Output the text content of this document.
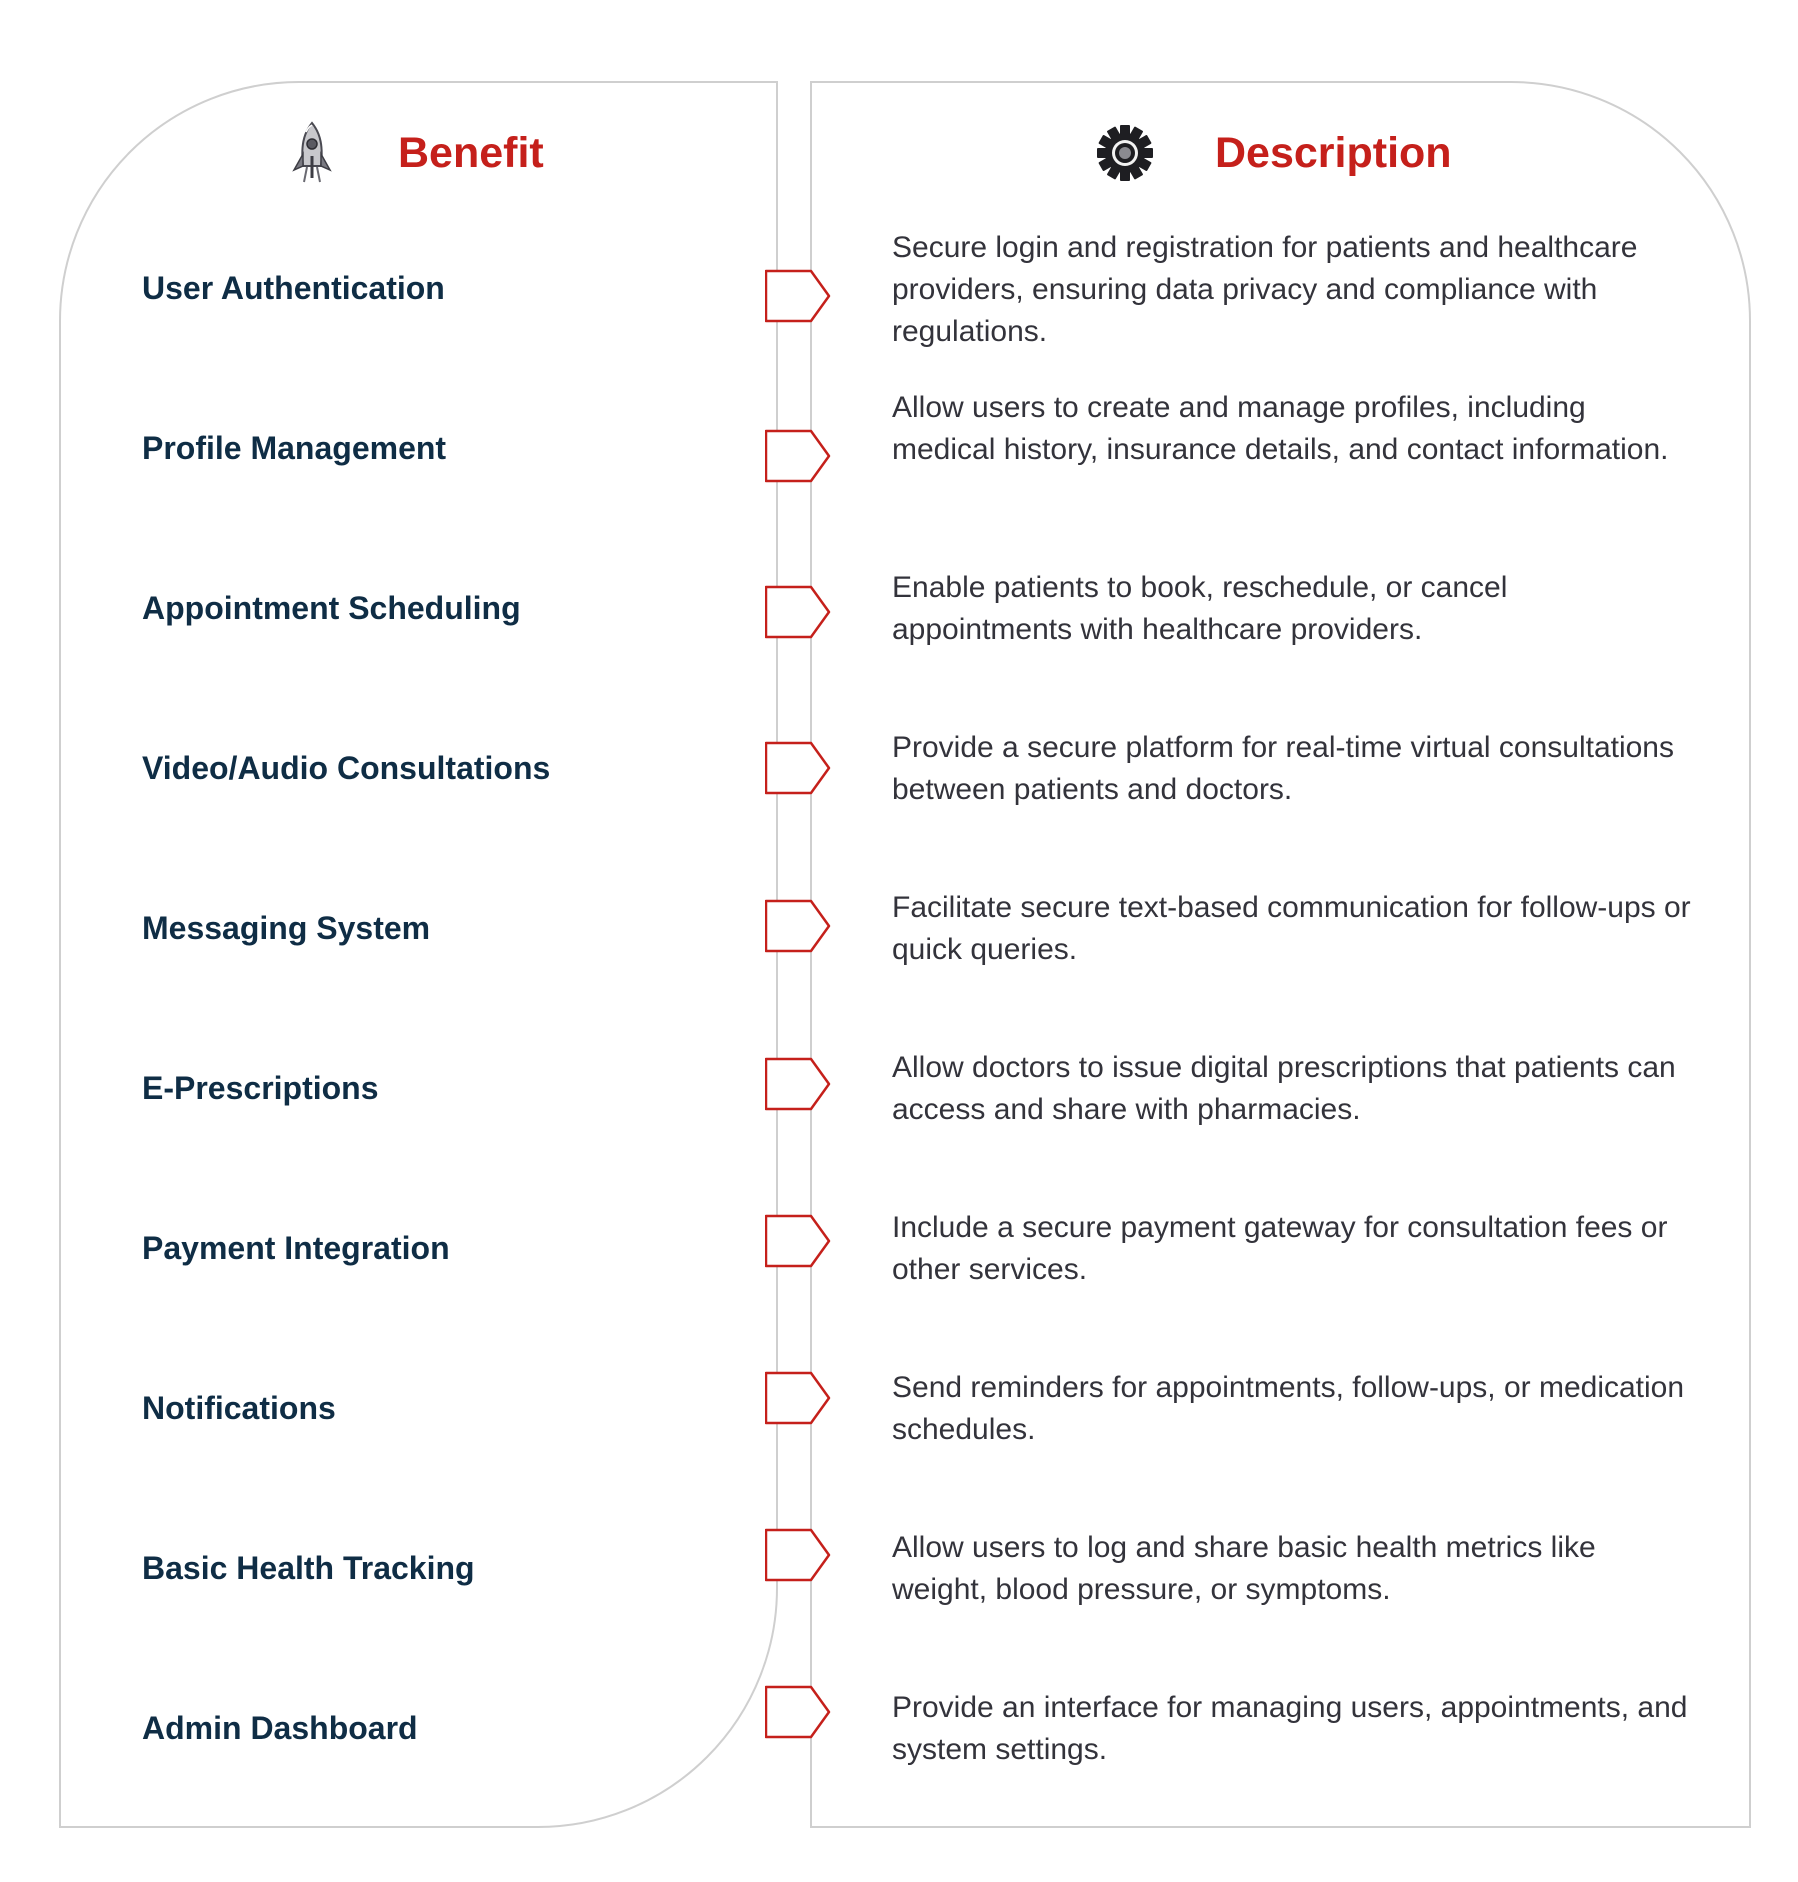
Benefit	Description
User Authentication
Secure login and registration for patients and healthcare providers, ensuring data privacy and compliance with regulations.
Profile Management
Allow users to create and manage profiles, including medical history, insurance details, and contact information.
Appointment Scheduling
Enable patients to book, reschedule, or cancel appointments with healthcare providers.
Video/Audio Consultations
Provide a secure platform for real-time virtual consultations between patients and doctors.
Messaging System
Facilitate secure text-based communication for follow-ups or quick queries.
E-Prescriptions
Allow doctors to issue digital prescriptions that patients can access and share with pharmacies.
Payment Integration
Include a secure payment gateway for consultation fees or other services.
Notifications
Send reminders for appointments, follow-ups, or medication schedules.
Basic Health Tracking
Allow users to log and share basic health metrics like weight, blood pressure, or symptoms.
Admin Dashboard
Provide an interface for managing users, appointments, and system settings.
